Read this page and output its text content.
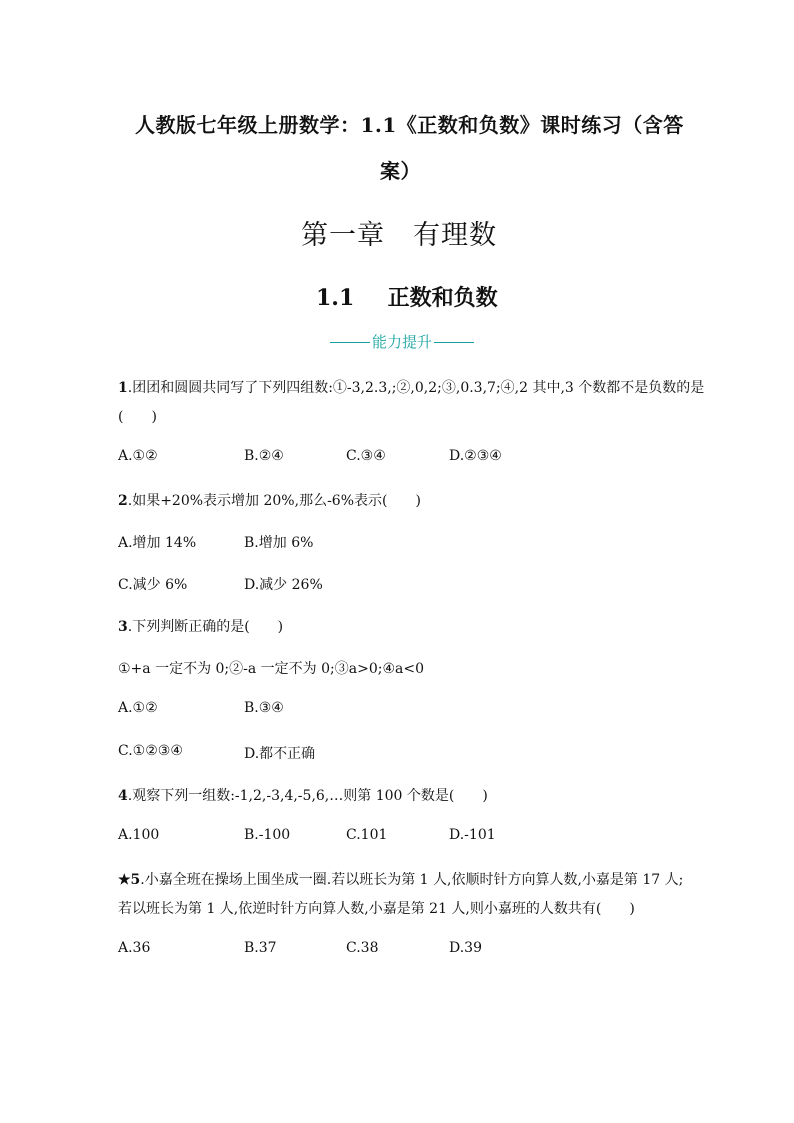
人教版七年级上册数学：1.1《正数和负数》课时练习（含答
案）
第一章　有理数
1.1 正数和负数
能力提升
1.团团和圆圆共同写了下列四组数:①-3,2.3,;②,0,2;③,0.3,7;④,2 其中,3 个数都不是负数的是
(　　)
A.①②	B.②④	C.③④	D.②③④
2.如果+20%表示增加 20%,那么-6%表示(　　)
A.增加 14%	B.增加 6%
C.减少 6%	D.减少 26%
3.下列判断正确的是(　　)
①+a 一定不为 0;②-a 一定不为 0;③a>0;④a<0
A.①②	B.③④
C.①②③④	D.都不正确
4.观察下列一组数:-1,2,-3,4,-5,6,…则第 100 个数是(　　)
A.100	B.-100	C.101	D.-101
★5.小嘉全班在操场上围坐成一圈.若以班长为第 1 人,依顺时针方向算人数,小嘉是第 17 人;
若以班长为第 1 人,依逆时针方向算人数,小嘉是第 21 人,则小嘉班的人数共有(　　)
A.36	B.37	C.38	D.39
